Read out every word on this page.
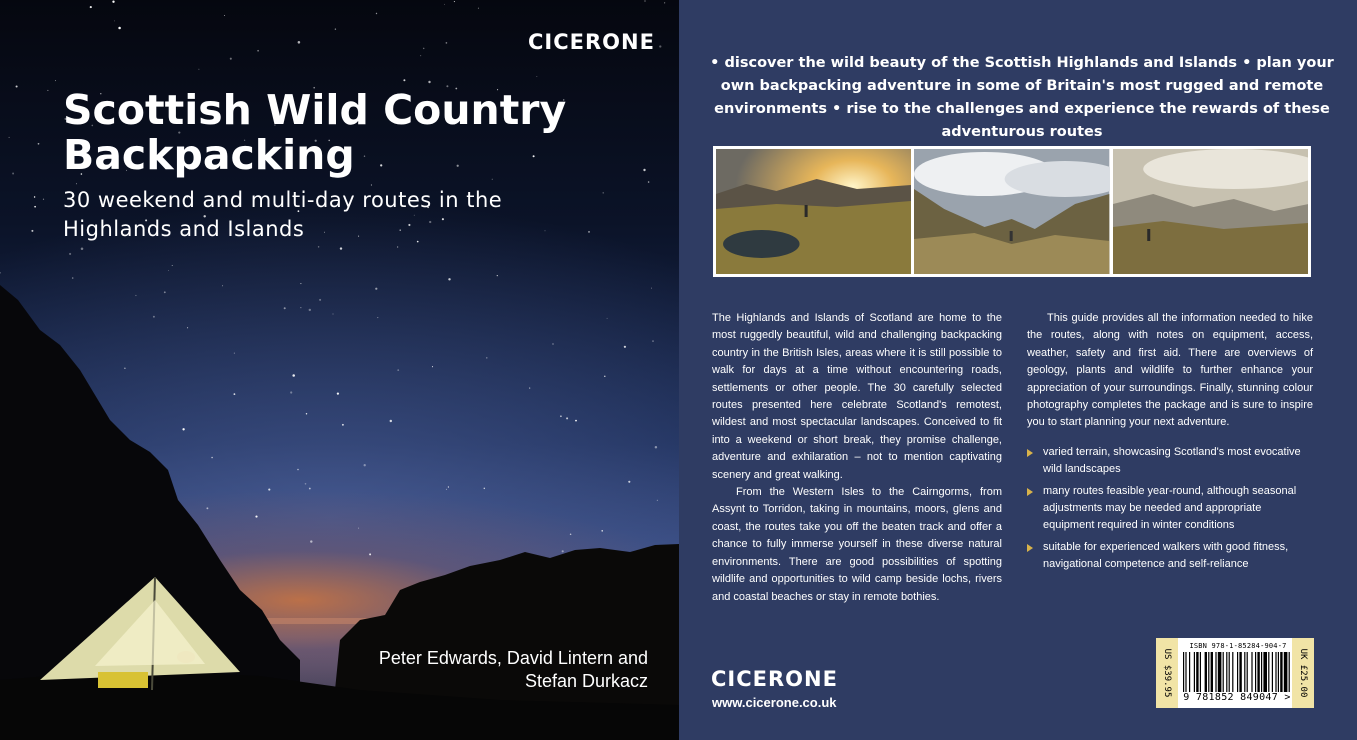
CICERONE
Scottish Wild Country Backpacking
30 weekend and multi-day routes in the Highlands and Islands
Peter Edwards, David Lintern and Stefan Durkacz
• discover the wild beauty of the Scottish Highlands and Islands • plan your own backpacking adventure in some of Britain's most rugged and remote environments • rise to the challenges and experience the rewards of these adventurous routes

The Highlands and Islands of Scotland are home to the most ruggedly beautiful, wild and challenging backpacking country in the British Isles, areas where it is still possible to walk for days at a time without encountering roads, settlements or other people. The 30 carefully selected routes presented here celebrate Scotland's remotest, wildest and most spectacular landscapes. Conceived to fit into a weekend or short break, they promise challenge, adventure and exhilaration – not to mention captivating scenery and great walking.

From the Western Isles to the Cairngorms, from Assynt to Torridon, taking in mountains, moors, glens and coast, the routes take you off the beaten track and offer a chance to fully immerse yourself in these diverse natural environments. There are good possibilities of spotting wildlife and opportunities to wild camp beside lochs, rivers and coastal beaches or stay in remote bothies.

This guide provides all the information needed to hike the routes, along with notes on equipment, access, weather, safety and first aid. There are overviews of geology, plants and wildlife to further enhance your appreciation of your surroundings. Finally, stunning colour photography completes the package and is sure to inspire you to start planning your next adventure.

varied terrain, showcasing Scotland's most evocative wild landscapes
many routes feasible year-round, although seasonal adjustments may be needed and appropriate equipment required in winter conditions
suitable for experienced walkers with good fitness, navigational competence and self-reliance
CICERONE
www.cicerone.co.uk
US $39.95
ISBN 978-1-85284-904-7
9 781852 849047 >
UK £25.00
